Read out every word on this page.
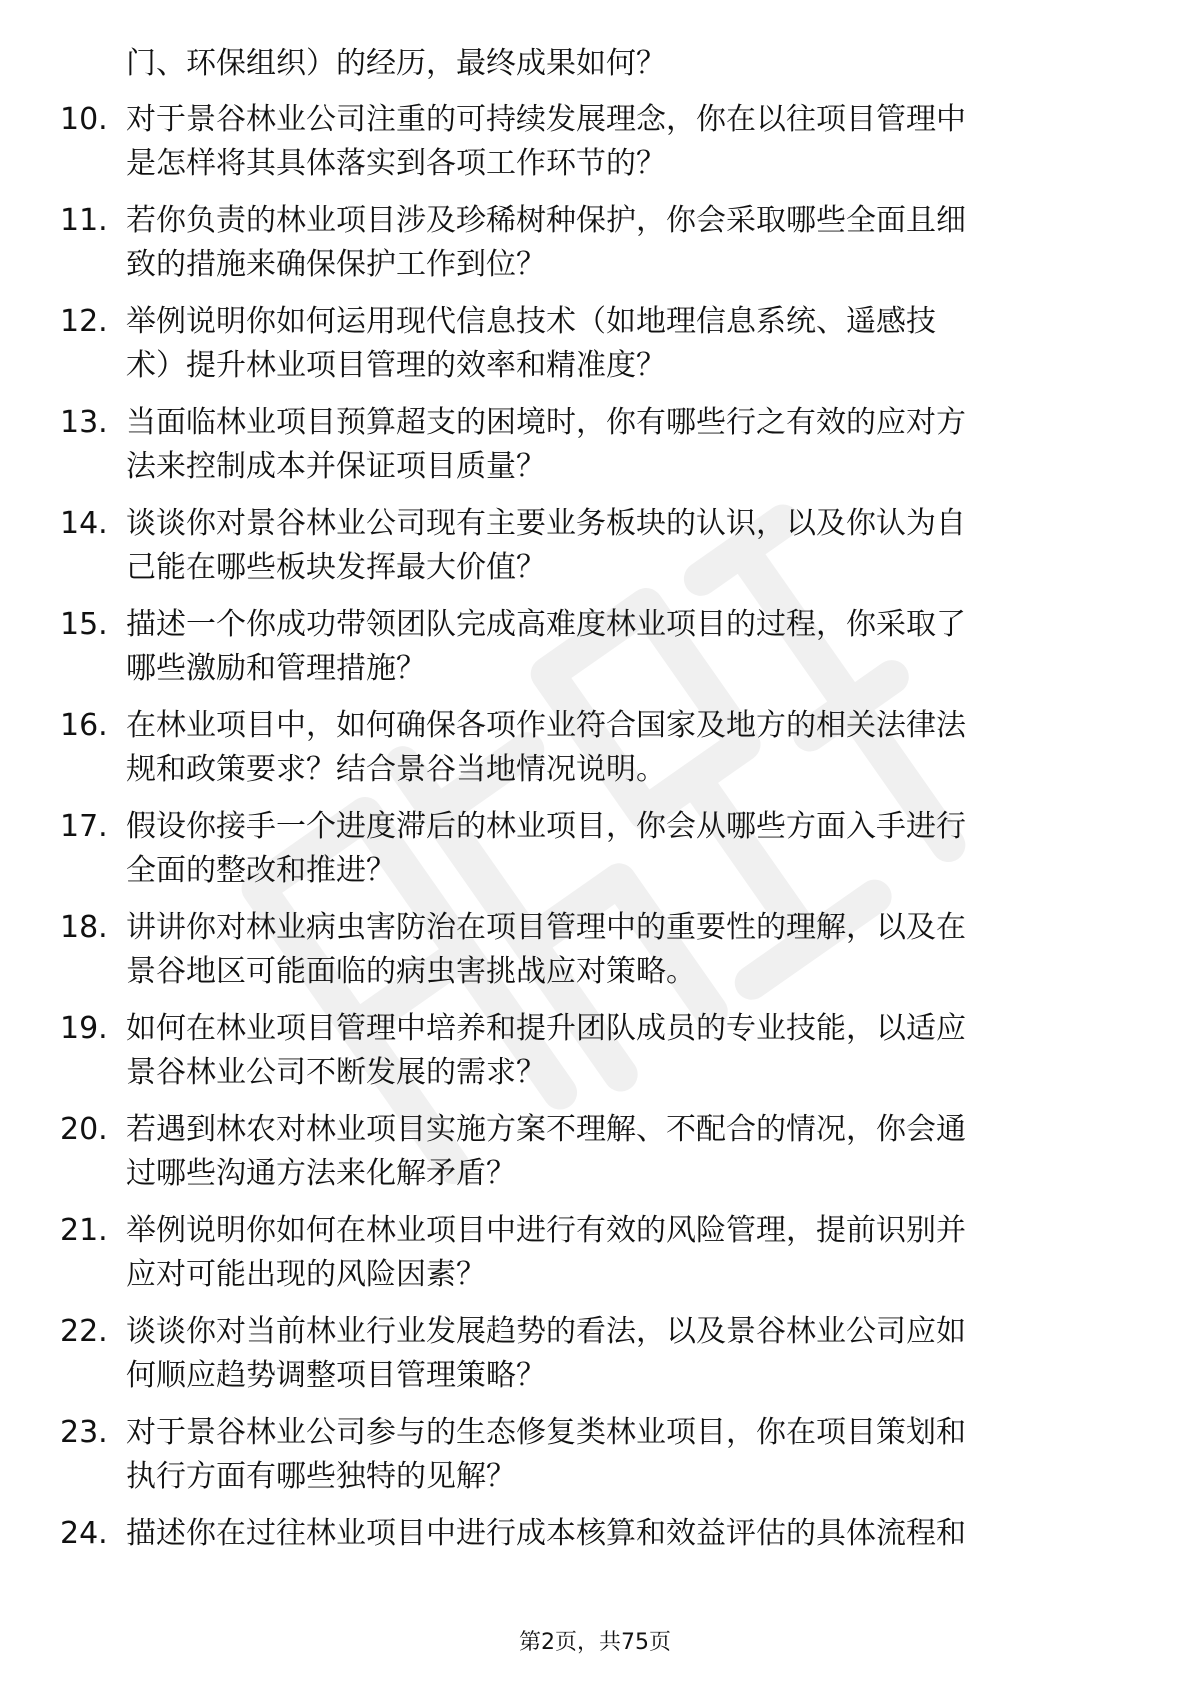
门、环保组织）的经历，最终成果如何？
10. 对于景谷林业公司注重的可持续发展理念，你在以往项目管理中
是怎样将其具体落实到各项工作环节的？
11. 若你负责的林业项目涉及珍稀树种保护，你会采取哪些全面且细
致的措施来确保保护工作到位？
12. 举例说明你如何运用现代信息技术（如地理信息系统、遥感技
术）提升林业项目管理的效率和精准度？
13. 当面临林业项目预算超支的困境时，你有哪些行之有效的应对方
法来控制成本并保证项目质量？
14. 谈谈你对景谷林业公司现有主要业务板块的认识，以及你认为自
己能在哪些板块发挥最大价值？
15. 描述一个你成功带领团队完成高难度林业项目的过程，你采取了
哪些激励和管理措施？
16. 在林业项目中，如何确保各项作业符合国家及地方的相关法律法
规和政策要求？结合景谷当地情况说明。
17. 假设你接手一个进度滞后的林业项目，你会从哪些方面入手进行
全面的整改和推进？
18. 讲讲你对林业病虫害防治在项目管理中的重要性的理解，以及在
景谷地区可能面临的病虫害挑战应对策略。
19. 如何在林业项目管理中培养和提升团队成员的专业技能，以适应
景谷林业公司不断发展的需求？
20. 若遇到林农对林业项目实施方案不理解、不配合的情况，你会通
过哪些沟通方法来化解矛盾？
21. 举例说明你如何在林业项目中进行有效的风险管理，提前识别并
应对可能出现的风险因素？
22. 谈谈你对当前林业行业发展趋势的看法，以及景谷林业公司应如
何顺应趋势调整项目管理策略？
23. 对于景谷林业公司参与的生态修复类林业项目，你在项目策划和
执行方面有哪些独特的见解？
24. 描述你在过往林业项目中进行成本核算和效益评估的具体流程和
第2页，共75页
